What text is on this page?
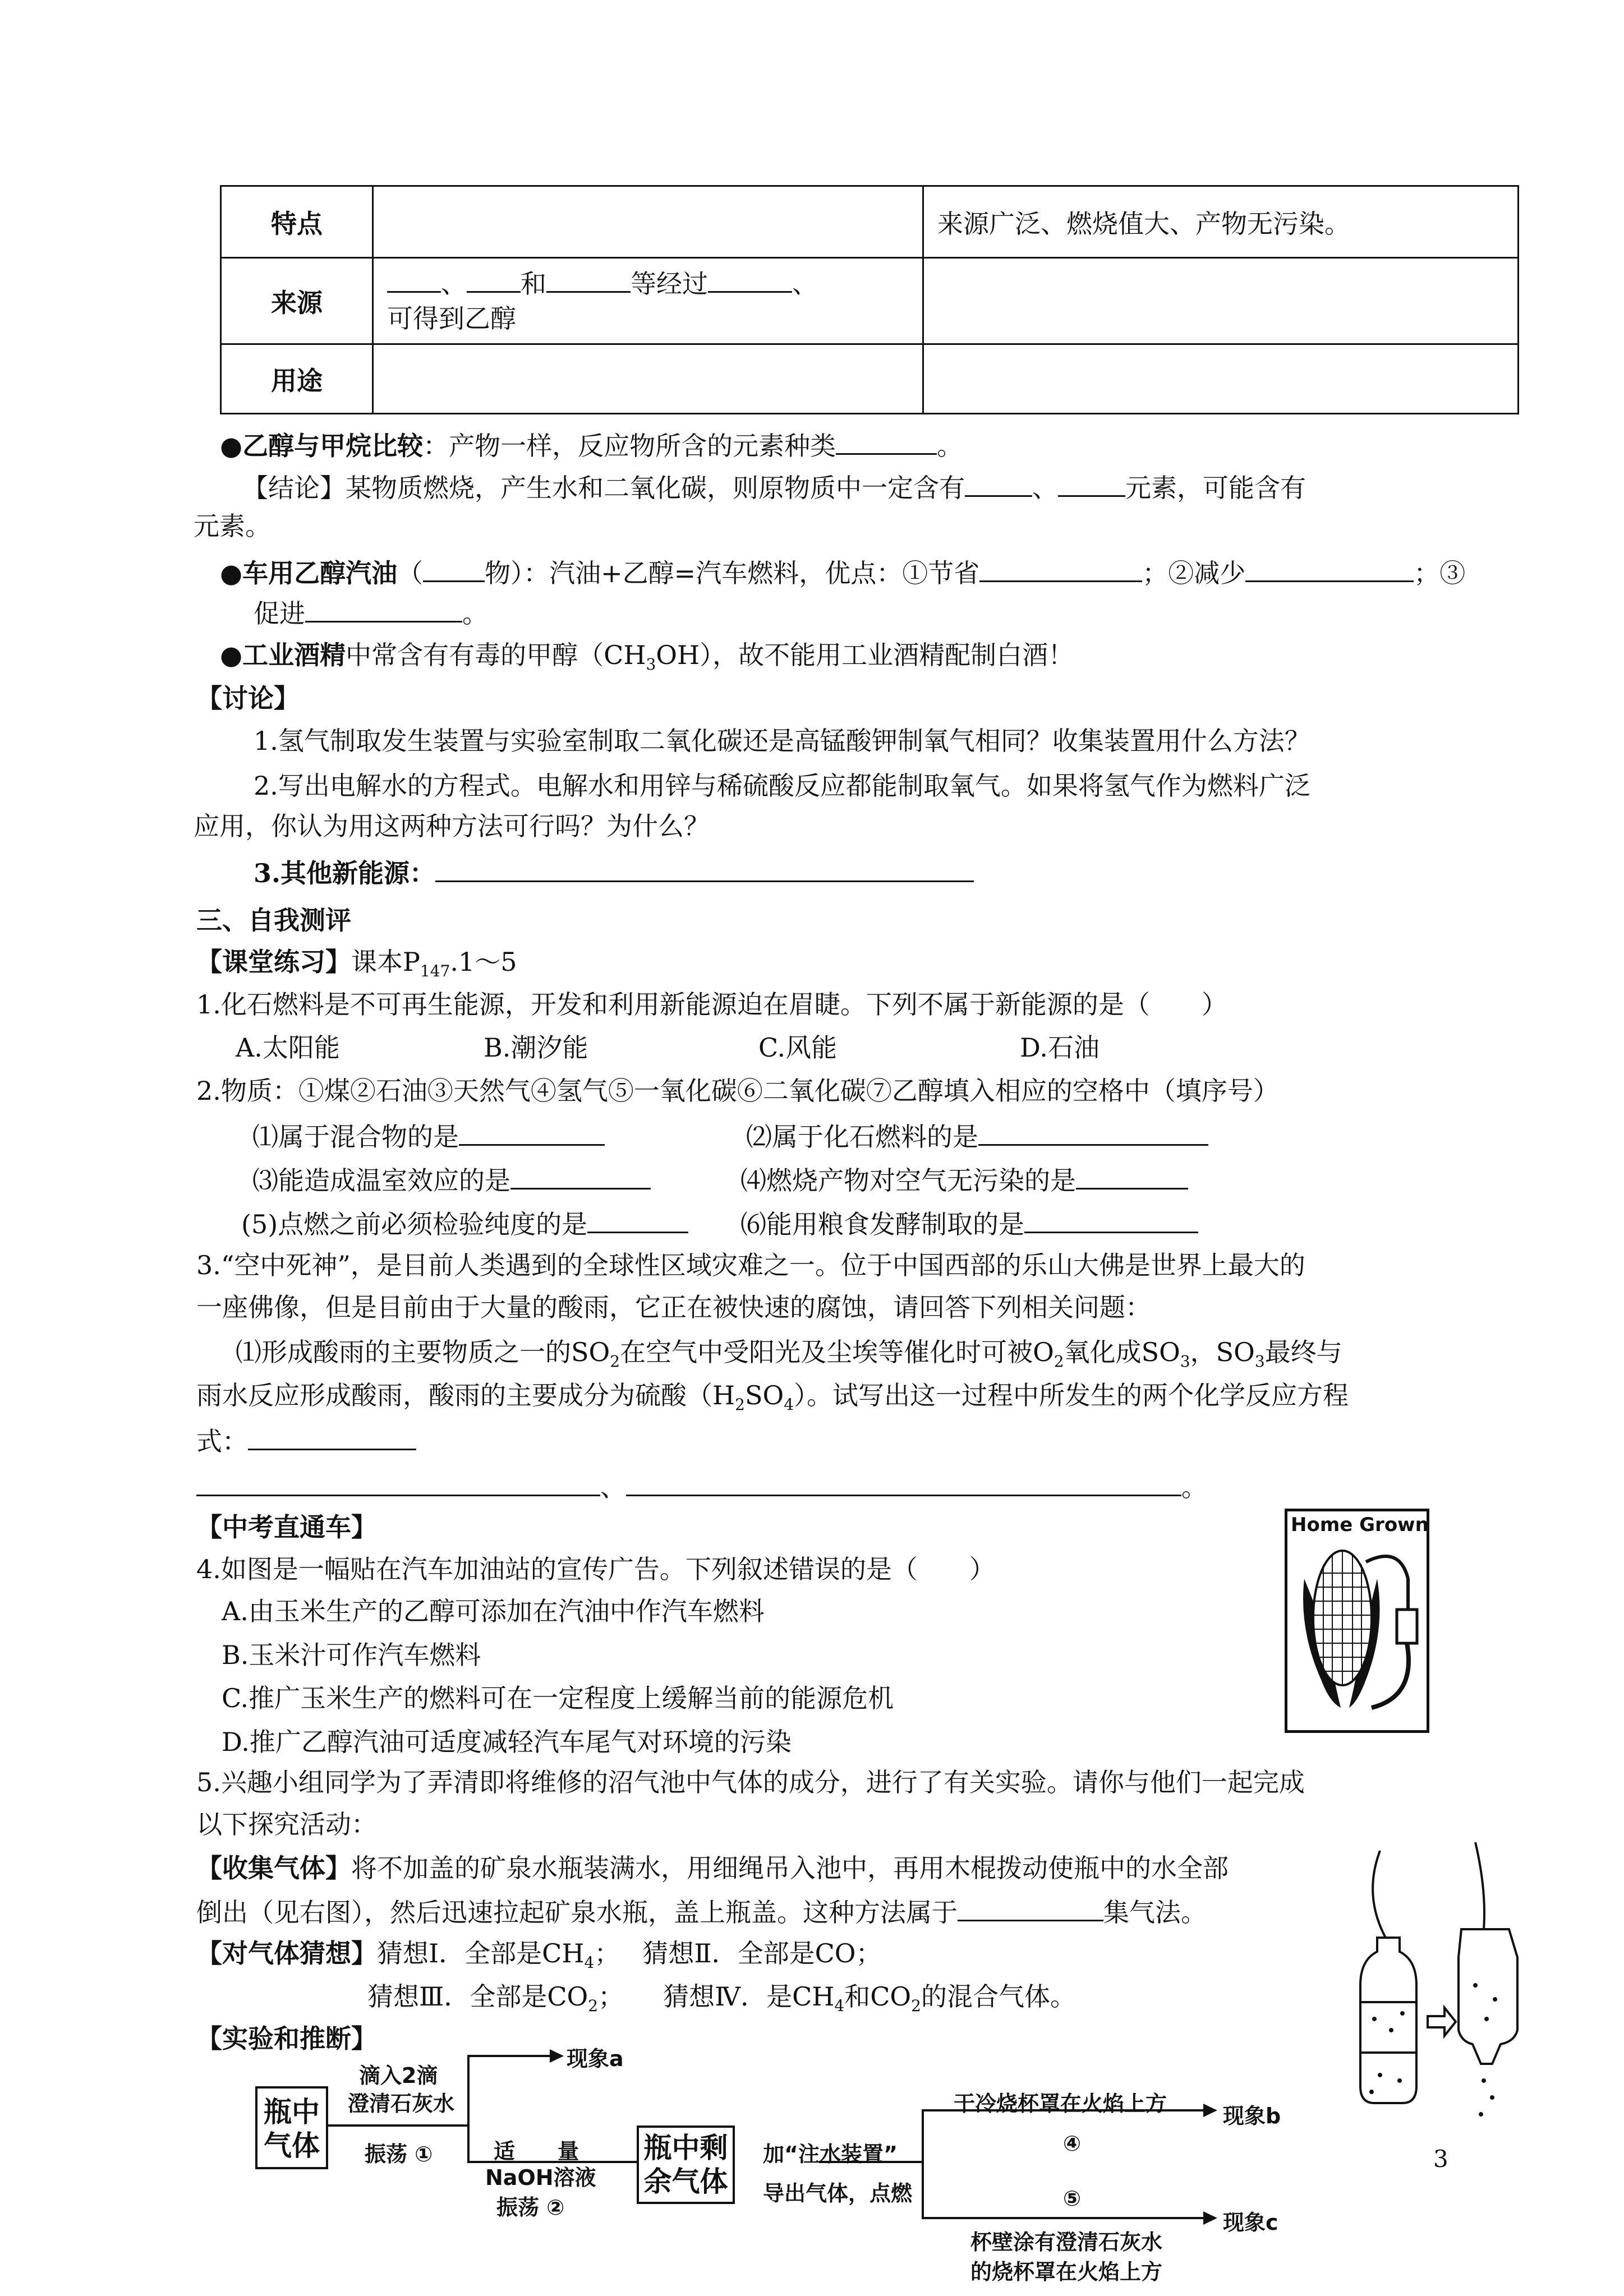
特点		来源广泛、燃烧值大、产物无污染。
来源	、 和 等经过 、
可得到乙醇	

用途		
●乙醇与甲烷比较：产物一样，反应物所含的元素种类	。
【结论】某物质燃烧，产生水和二氧化碳，则原物质中一定含有	、	元素，可能含有
元素。
●车用乙醇汽油（ 物）：汽油+乙醇=汽车燃料，优点：①节省	；②减少	；③
促进	。
●工业酒精中常含有有毒的甲醇$(CH_3OH)$，故不能用工业酒精配制白酒！
【讨论】
1.氢气制取发生装置与实验室制取二氧化碳还是高锰酸钾制氧气相同？收集装置用什么方法？
2.写出电解水的方程式。电解水和用锌与稀硫酸反应都能制取氧气。如果将氢气作为燃料广泛
应用，你认为用这两种方法可行吗？为什么？
3.其他新能源：
三、自我测评
【课堂练习】课本$P_{147}.1\sim 5$
1.化石燃料是不可再生能源，开发和利用新能源迫在眉睫。下列不属于新能源的是（　　）
A.太阳能	B.潮汐能	C.风能	D.石油
2.物质：①煤②石油③天然气④氢气⑤一氧化碳⑥二氧化碳⑦乙醇填入相应的空格中（填序号）
⑴属于混合物的是	⑵属于化石燃料的是
⑶能造成温室效应的是	⑷燃烧产物对空气无污染的是
(5)点燃之前必须检验纯度的是	⑹能用粮食发酵制取的是
3.“空中死神”，是目前人类遇到的全球性区域灾难之一。位于中国西部的乐山大佛是世界上最大的
一座佛像，但是目前由于大量的酸雨，它正在被快速的腐蚀，请回答下列相关问题：
⑴形成酸雨的主要物质之一的$SO_2$在空气中受阳光及尘埃等催化时可被$O_2$氧化成$SO_3$，$SO_3$最终与
雨水反应形成酸雨，酸雨的主要成分为硫酸$(H_2SO_4)$。试写出这一过程中所发生的两个化学反应方程
式：
、	。
【中考直通车】
4.如图是一幅贴在汽车加油站的宣传广告。下列叙述错误的是（　　）
A.由玉米生产的乙醇可添加在汽油中作汽车燃料
B.玉米汁可作汽车燃料
C.推广玉米生产的燃料可在一定程度上缓解当前的能源危机
D.推广乙醇汽油可适度减轻汽车尾气对环境的污染
Home Grown
5.兴趣小组同学为了弄清即将维修的沼气池中气体的成分，进行了有关实验。请你与他们一起完成
以下探究活动：
【收集气体】将不加盖的矿泉水瓶装满水，用细绳吊入池中，再用木棍拨动使瓶中的水全部
倒出（见右图），然后迅速拉起矿泉水瓶，盖上瓶盖。这种方法属于	集气法。
【对气体猜想】猜想Ⅰ．全部是$CH_4$； 猜想Ⅱ．全部是CO；
猜想Ⅲ．全部是$CO_2$； 猜想Ⅳ．是$CH_4$和$CO_2$的混合气体。
【实验和推断】
瓶中
气体
现象a
滴入2滴
澄清石灰水
振荡 ①	适　　量
NaOH溶液
振荡 ②
瓶中剩
余气体
加“注水装置”
导出气体，点燃
干冷烧杯罩在火焰上方
④
现象b
⑤
杯壁涂有澄清石灰水
的烧杯罩在火焰上方
现象c
3
